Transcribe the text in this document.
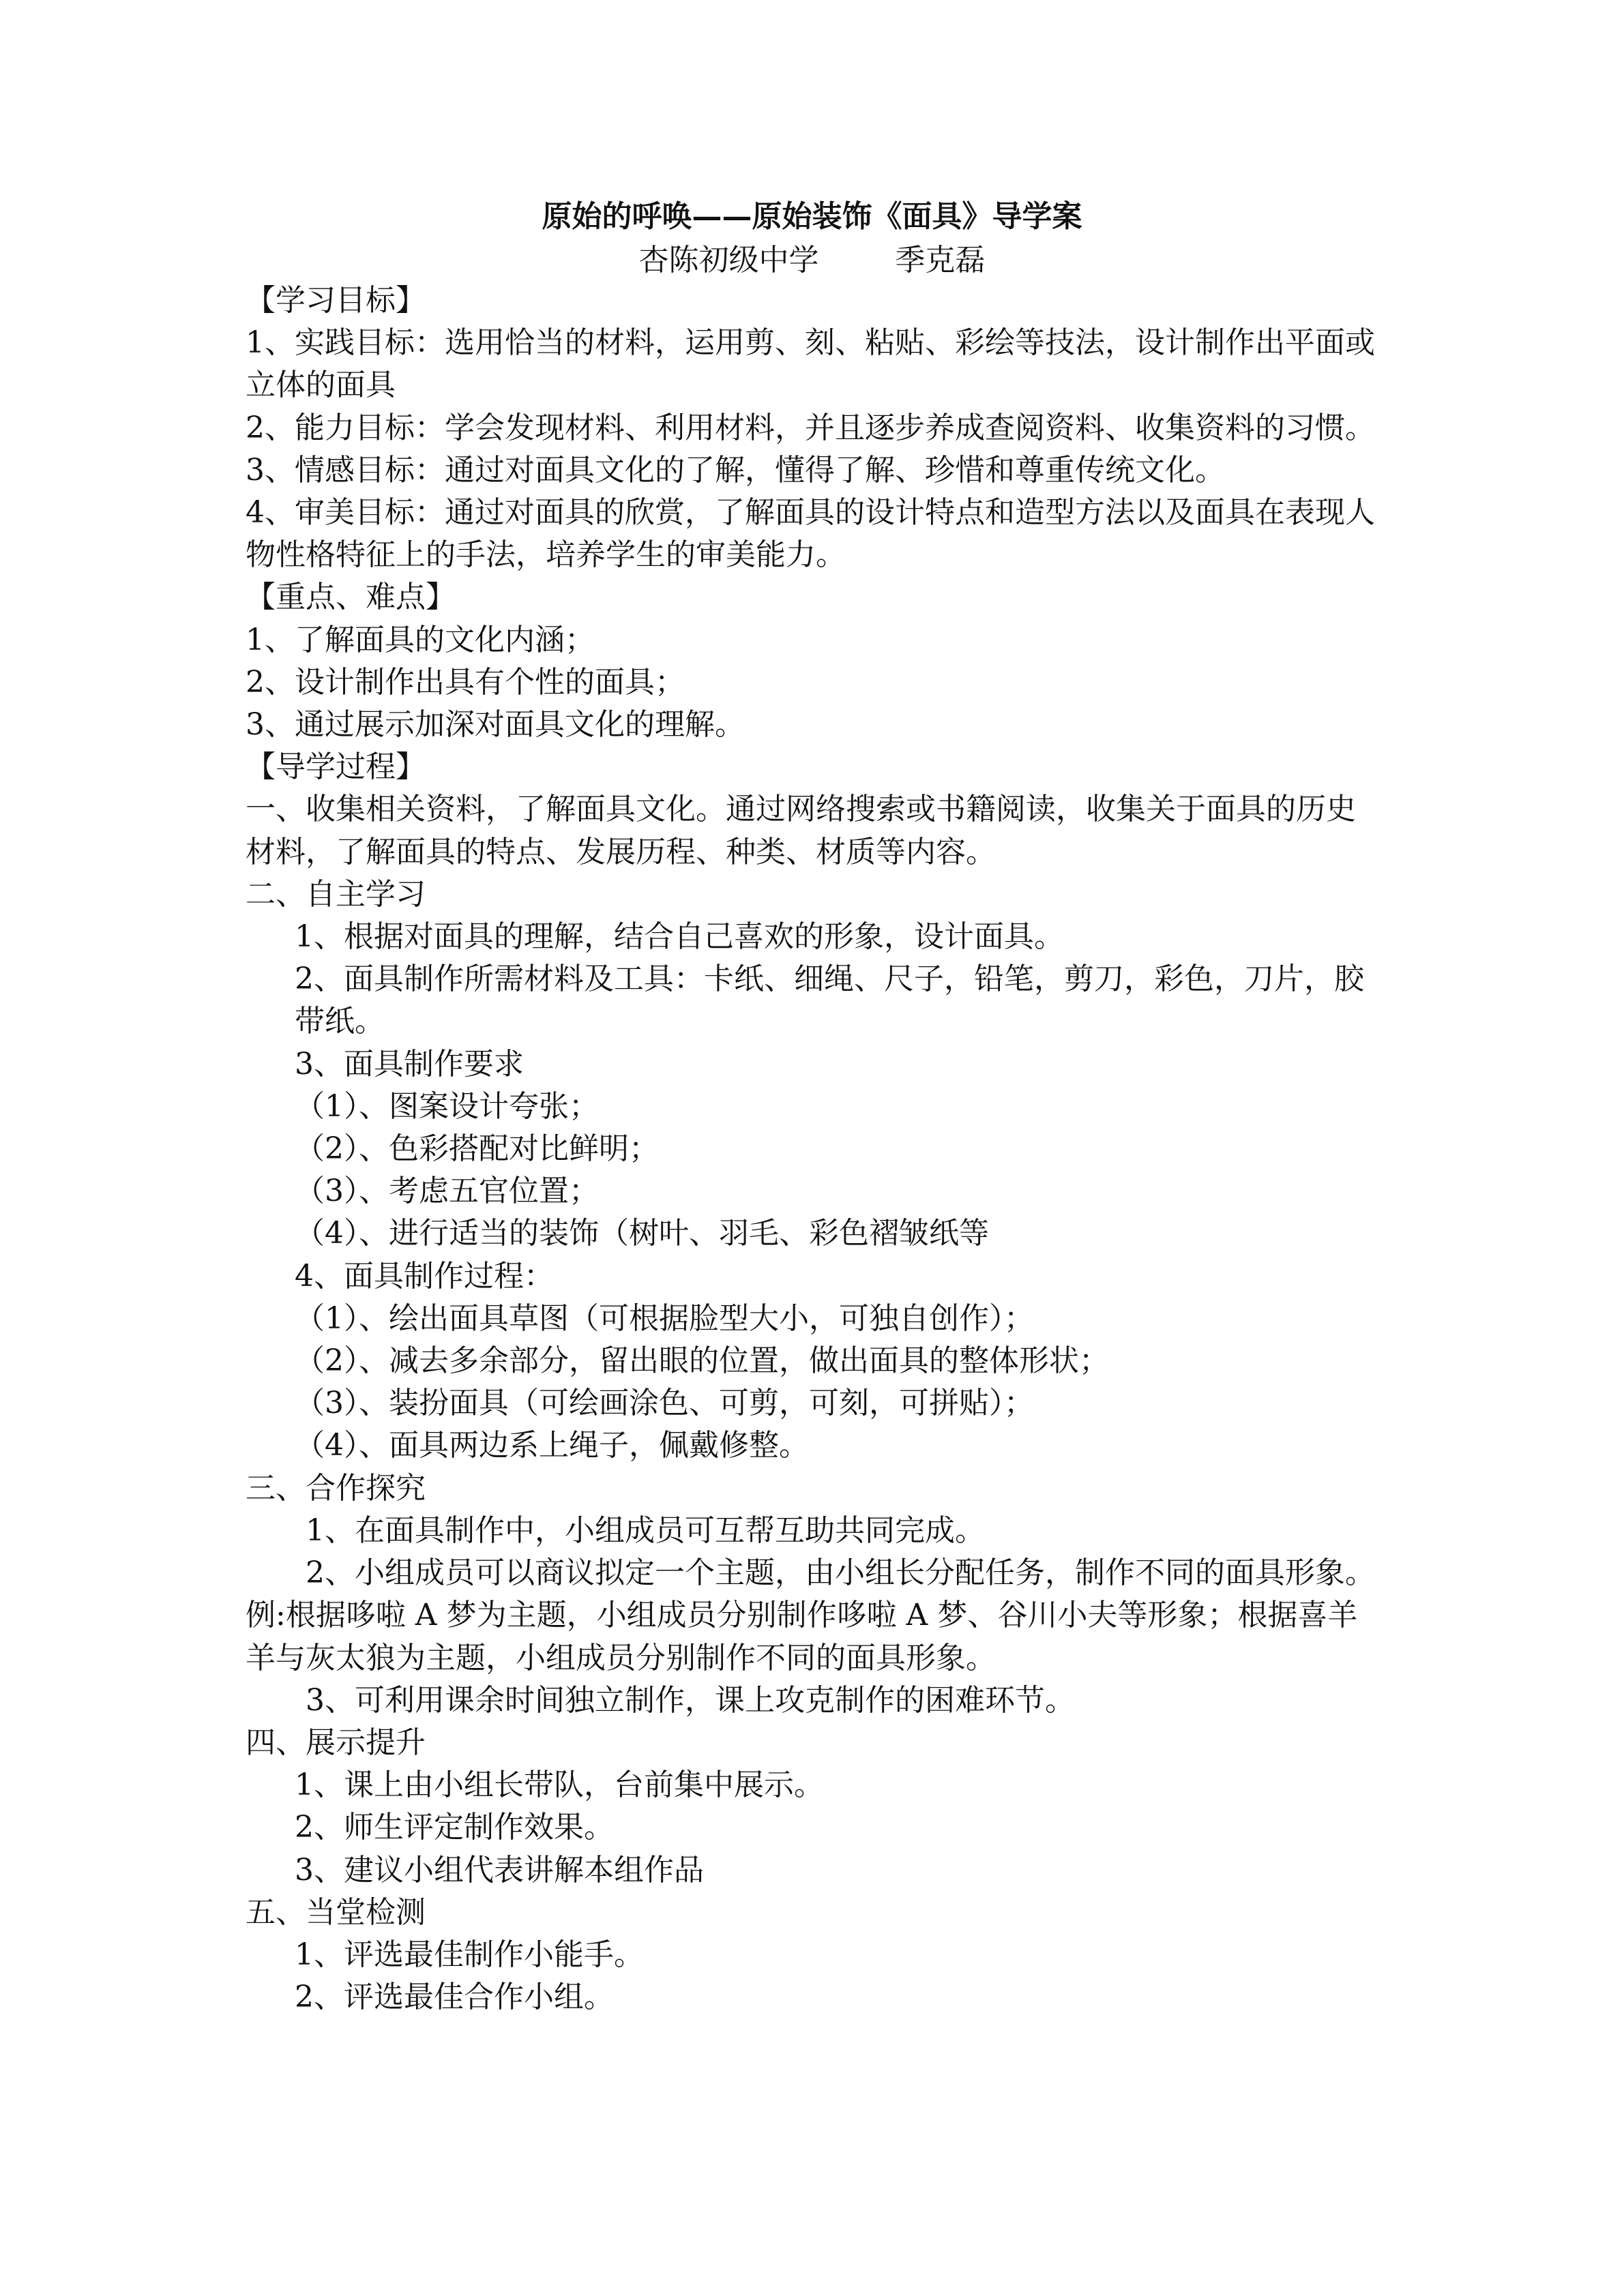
原始的呼唤——原始装饰《面具》导学案
杏陈初级中学        季克磊

【学习目标】

1、实践目标：选用恰当的材料，运用剪、刻、粘贴、彩绘等技法，设计制作出平面或立体的面具

2、能力目标：学会发现材料、利用材料，并且逐步养成查阅资料、收集资料的习惯。

3、情感目标：通过对面具文化的了解，懂得了解、珍惜和尊重传统文化。

4、审美目标：通过对面具的欣赏，了解面具的设计特点和造型方法以及面具在表现人物性格特征上的手法，培养学生的审美能力。

【重点、难点】

1、了解面具的文化内涵；

2、设计制作出具有个性的面具；

3、通过展示加深对面具文化的理解。

【导学过程】

一、收集相关资料，了解面具文化。通过网络搜索或书籍阅读，收集关于面具的历史材料，了解面具的特点、发展历程、种类、材质等内容。

二、自主学习

1、根据对面具的理解，结合自己喜欢的形象，设计面具。

2、面具制作所需材料及工具：卡纸、细绳、尺子，铅笔，剪刀，彩色，刀片，胶带纸。

3、面具制作要求

（1）、图案设计夸张；

（2）、色彩搭配对比鲜明；

（3）、考虑五官位置；

（4）、进行适当的装饰（树叶、羽毛、彩色褶皱纸等

4、面具制作过程：

（1）、绘出面具草图（可根据脸型大小，可独自创作）；

（2）、减去多余部分，留出眼的位置，做出面具的整体形状；

（3）、装扮面具（可绘画涂色、可剪，可刻，可拼贴）；

（4）、面具两边系上绳子，佩戴修整。

三、合作探究

1、在面具制作中，小组成员可互帮互助共同完成。

2、小组成员可以商议拟定一个主题，由小组长分配任务，制作不同的面具形象。例:根据哆啦 A 梦为主题，小组成员分别制作哆啦 A 梦、谷川小夫等形象；根据喜羊羊与灰太狼为主题，小组成员分别制作不同的面具形象。

3、可利用课余时间独立制作，课上攻克制作的困难环节。

四、展示提升

1、课上由小组长带队，台前集中展示。

2、师生评定制作效果。

3、建议小组代表讲解本组作品

五、当堂检测

1、评选最佳制作小能手。

2、评选最佳合作小组。
